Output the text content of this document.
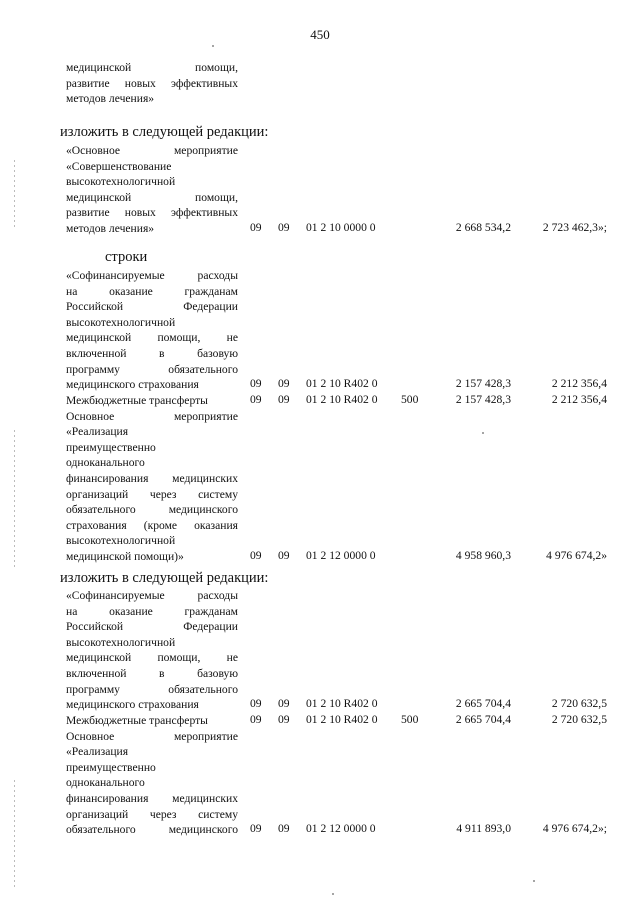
450
медицинской помощи,
развитие новых эффективных
методов лечения»
изложить в следующей редакции:
«Основное мероприятие
«Совершенствование
высокотехнологичной
медицинской помощи,
развитие новых эффективных
методов лечения»	09 09 01 2 10 0000 0	2 668 534,2	2 723 462,3»;
строки
«Софинансируемые расходы
на оказание гражданам
Российской Федерации
высокотехнологичной
медицинской помощи, не
включенной в базовую
программу обязательного
медицинского страхования	09 09 01 2 10 R402 0	2 157 428,3	2 212 356,4
Межбюджетные трансферты	09 09 01 2 10 R402 0 500	2 157 428,3	2 212 356,4
Основное мероприятие
«Реализация
преимущественно
одноканального
финансирования медицинских
организаций через систему
обязательного медицинского
страхования (кроме оказания
высокотехнологичной
медицинской помощи)»	09 09 01 2 12 0000 0	4 958 960,3	4 976 674,2»
изложить в следующей редакции:
«Софинансируемые расходы
на оказание гражданам
Российской Федерации
высокотехнологичной
медицинской помощи, не
включенной в базовую
программу обязательного
медицинского страхования	09 09 01 2 10 R402 0	2 665 704,4	2 720 632,5
Межбюджетные трансферты	09 09 01 2 10 R402 0 500	2 665 704,4	2 720 632,5
Основное мероприятие
«Реализация
преимущественно
одноканального
финансирования медицинских
организаций через систему
обязательного медицинского 09 09 01 2 12 0000 0	4 911 893,0	4 976 674,2»;
